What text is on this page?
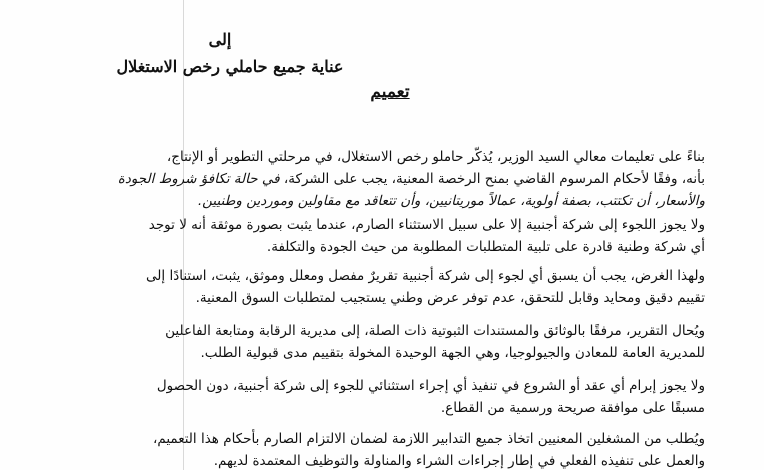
إلى
عناية جميع حاملي رخص الاستغلال
تعميم
بناءً على تعليمات معالي السيد الوزير، يُذكّر حاملو رخص الاستغلال، في مرحلتي التطوير أو الإنتاج،
بأنه، وفقًا لأحكام المرسوم القاضي بمنح الرخصة المعنية، يجب على الشركة، في حالة تكافؤ شروط الجودة
والأسعار، أن تكتتب، بصفة أولوية، عمالاً موريتانيين، وأن تتعاقد مع مقاولين وموردين وطنيين.
ولا يجوز اللجوء إلى شركة أجنبية إلا على سبيل الاستثناء الصارم، عندما يثبت بصورة موثقة أنه لا توجد
أي شركة وطنية قادرة على تلبية المتطلبات المطلوبة من حيث الجودة والتكلفة.
ولهذا الغرض، يجب أن يسبق أي لجوء إلى شركة أجنبية تقريرٌ مفصل ومعلل وموثق، يثبت، استنادًا إلى
تقييم دقيق ومحايد وقابل للتحقق، عدم توفر عرض وطني يستجيب لمتطلبات السوق المعنية.
ويُحال التقرير، مرفقًا بالوثائق والمستندات الثبوتية ذات الصلة، إلى مديرية الرقابة ومتابعة الفاعلين
للمديرية العامة للمعادن والجيولوجيا، وهي الجهة الوحيدة المخولة بتقييم مدى قبولية الطلب.
ولا يجوز إبرام أي عقد أو الشروع في تنفيذ أي إجراء استثنائي للجوء إلى شركة أجنبية، دون الحصول
مسبقًا على موافقة صريحة ورسمية من القطاع.
ويُطلب من المشغلين المعنيين اتخاذ جميع التدابير اللازمة لضمان الالتزام الصارم بأحكام هذا التعميم،
والعمل على تنفيذه الفعلي في إطار إجراءات الشراء والمناولة والتوظيف المعتمدة لديهم.
